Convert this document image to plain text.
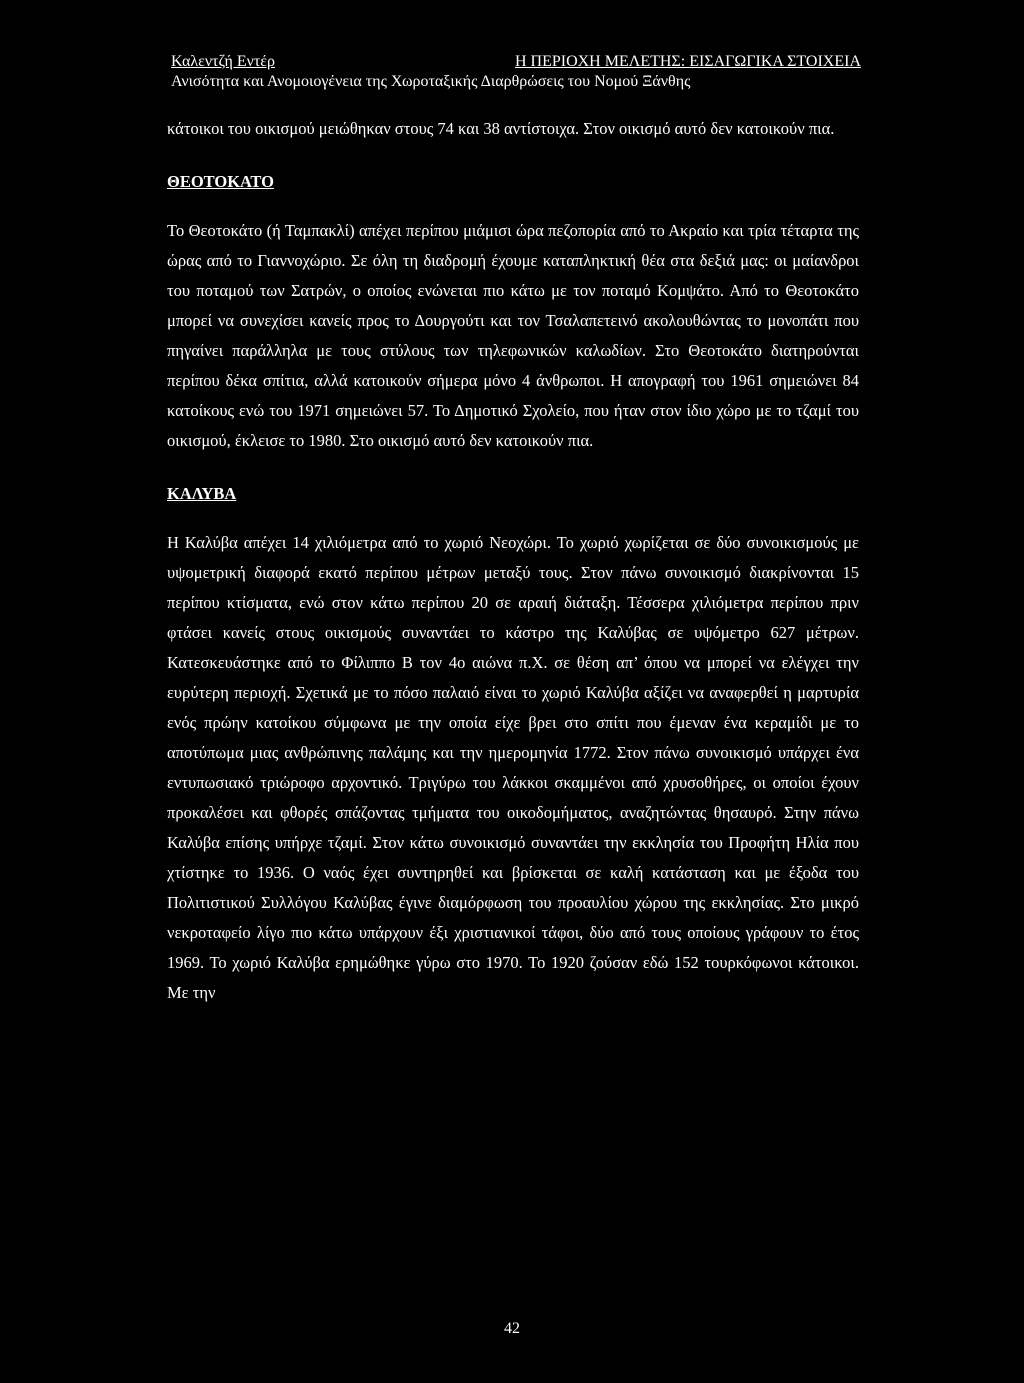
Καλεντζή Εντέρ	Η ΠΕΡΙΟΧΗ ΜΕΛΕΤΗΣ: ΕΙΣΑΓΩΓΙΚΑ ΣΤΟΙΧΕΙΑ
Ανισότητα και Ανομοιογένεια της Χωροταξικής Διαρθρώσεις του Νομού Ξάνθης

κάτοικοι του οικισμού μειώθηκαν στους 74 και 38 αντίστοιχα. Στον οικισμό αυτό δεν κατοικούν πια.

ΘΕΟΤΟΚΑΤΟ

Το Θεοτοκάτο (ή Ταμπακλί) απέχει περίπου μιάμισι ώρα πεζοπορία από το Ακραίο και τρία τέταρτα της ώρας από το Γιαννοχώριο. Σε όλη τη διαδρομή έχουμε καταπληκτική θέα στα δεξιά μας: οι μαίανδροι του ποταμού των Σατρών, ο οποίος ενώνεται πιο κάτω με τον ποταμό Κομψάτο. Από το Θεοτοκάτο μπορεί να συνεχίσει κανείς προς το Δουργούτι και τον Τσαλαπετεινό ακολουθώντας το μονοπάτι που πηγαίνει παράλληλα με τους στύλους των τηλεφωνικών καλωδίων. Στο Θεοτοκάτο διατηρούνται περίπου δέκα σπίτια, αλλά κατοικούν σήμερα μόνο 4 άνθρωποι. Η απογραφή του 1961 σημειώνει 84 κατοίκους ενώ του 1971 σημειώνει 57. Το Δημοτικό Σχολείο, που ήταν στον ίδιο χώρο με το τζαμί του οικισμού, έκλεισε το 1980. Στο οικισμό αυτό δεν κατοικούν πια.

ΚΑΛΥΒΑ

Η Καλύβα απέχει 14 χιλιόμετρα από το χωριό Νεοχώρι. Το χωριό χωρίζεται σε δύο συνοικισμούς με υψομετρική διαφορά εκατό περίπου μέτρων μεταξύ τους. Στον πάνω συνοικισμό διακρίνονται 15 περίπου κτίσματα, ενώ στον κάτω περίπου 20 σε αραιή διάταξη. Τέσσερα χιλιόμετρα περίπου πριν φτάσει κανείς στους οικισμούς συναντάει το κάστρο της Καλύβας σε υψόμετρο 627 μέτρων. Κατεσκευάστηκε από το Φίλιππο Β τον 4ο αιώνα π.Χ. σε θέση απ’ όπου να μπορεί να ελέγχει την ευρύτερη περιοχή. Σχετικά με το πόσο παλαιό είναι το χωριό Καλύβα αξίζει να αναφερθεί η μαρτυρία ενός πρώην κατοίκου σύμφωνα με την οποία είχε βρει στο σπίτι που έμεναν ένα κεραμίδι με το αποτύπωμα μιας ανθρώπινης παλάμης και την ημερομηνία 1772. Στον πάνω συνοικισμό υπάρχει ένα εντυπωσιακό τριώροφο αρχοντικό. Τριγύρω του λάκκοι σκαμμένοι από χρυσοθήρες, οι οποίοι έχουν προκαλέσει και φθορές σπάζοντας τμήματα του οικοδομήματος, αναζητώντας θησαυρό. Στην πάνω Καλύβα επίσης υπήρχε τζαμί. Στον κάτω συνοικισμό συναντάει την εκκλησία του Προφήτη Ηλία που χτίστηκε το 1936. Ο ναός έχει συντηρηθεί και βρίσκεται σε καλή κατάσταση και με έξοδα του Πολιτιστικού Συλλόγου Καλύβας έγινε διαμόρφωση του προαυλίου χώρου της εκκλησίας. Στο μικρό νεκροταφείο λίγο πιο κάτω υπάρχουν έξι χριστιανικοί τάφοι, δύο από τους οποίους γράφουν το έτος 1969. Το χωριό Καλύβα ερημώθηκε γύρω στο 1970. Το 1920 ζούσαν εδώ 152 τουρκόφωνοι κάτοικοι. Με την

42
